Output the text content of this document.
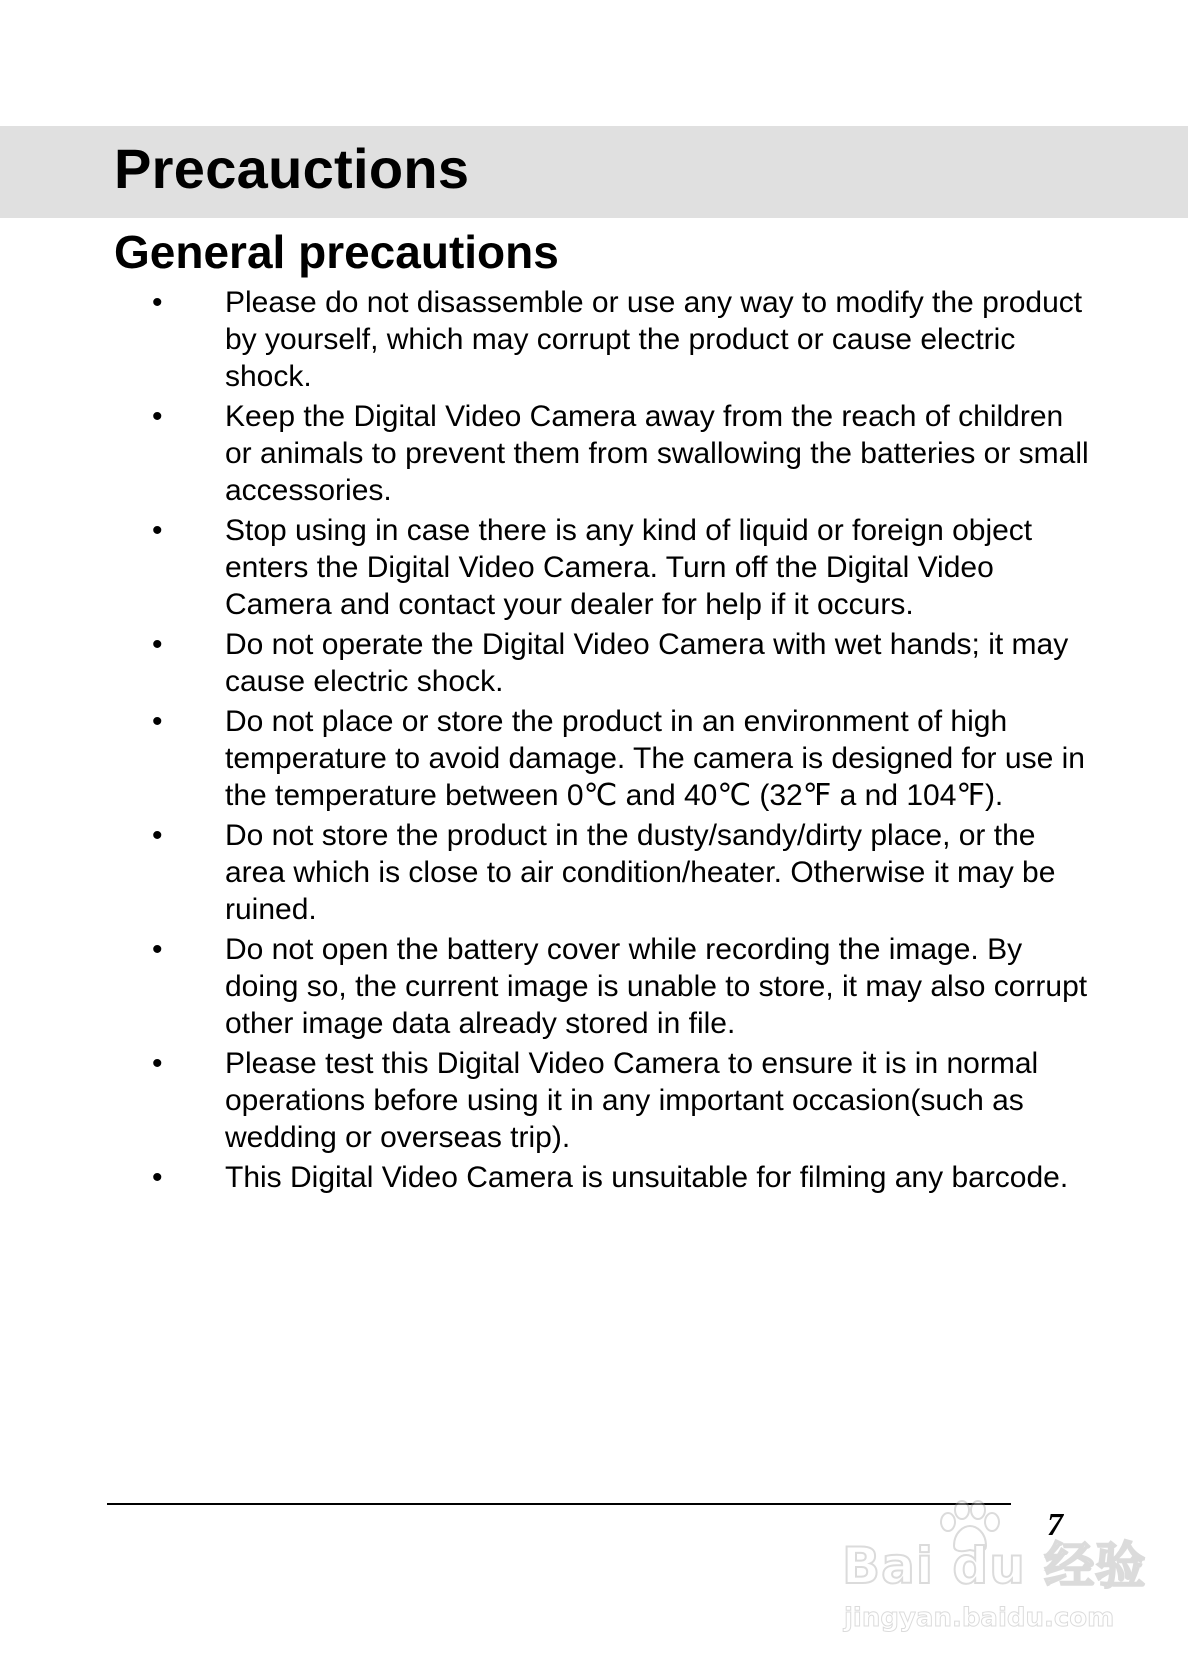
Precauctions
General precautions
• Please do not disassemble or use any way to modify the product by yourself, which may corrupt the product or cause electric shock.
• Keep the Digital Video Camera away from the reach of children or animals to prevent them from swallowing the batteries or small accessories.
• Stop using in case there is any kind of liquid or foreign object enters the Digital Video Camera. Turn off the Digital Video Camera and contact your dealer for help if it occurs.
• Do not operate the Digital Video Camera with wet hands; it may cause electric shock.
• Do not place or store the product in an environment of high temperature to avoid damage. The camera is designed for use in the temperature between 0℃ and 40℃ (32℉ a nd 104℉).
• Do not store the product in the dusty/sandy/dirty place, or the area which is close to air condition/heater. Otherwise it may be ruined.
• Do not open the battery cover while recording the image. By doing so, the current image is unable to store, it may also corrupt other image data already stored in file.
• Please test this Digital Video Camera to ensure it is in normal operations before using it in any important occasion(such as wedding or overseas trip).
• This Digital Video Camera is unsuitable for filming any barcode.
7
Bai du 经验
jingyan.baidu.com
